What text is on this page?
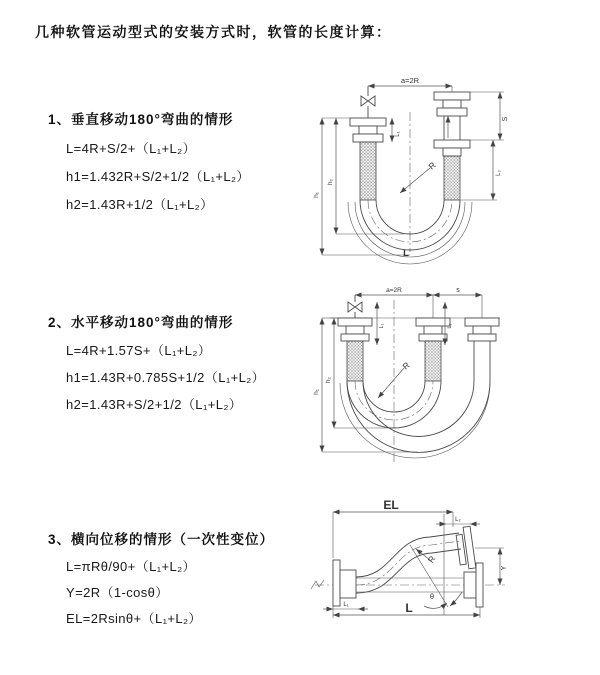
几种软管运动型式的安装方式时，软管的长度计算：
1、垂直移动180°弯曲的情形
L=4R+S/2+（L₁+L₂）
h1=1.432R+S/2+1/2（L₁+L₂）
h2=1.43R+1/2（L₁+L₂）
2、水平移动180°弯曲的情形
L=4R+1.57S+（L₁+L₂）
h1=1.43R+0.785S+1/2（L₁+L₂）
h2=1.43R+S/2+1/2（L₁+L₂）
3、横向位移的情形（一次性变位）
L=πRθ/90+（L₁+L₂）
Y=2R（1-cosθ）
EL=2Rsinθ+（L₁+L₂）
a=2R
L₁
S
L₂
h₁
h₂
R
L
a=2R	s
L₁	L₂
h₁
h₂
R
EL
L₂
R
θ
Y
L₁	L
